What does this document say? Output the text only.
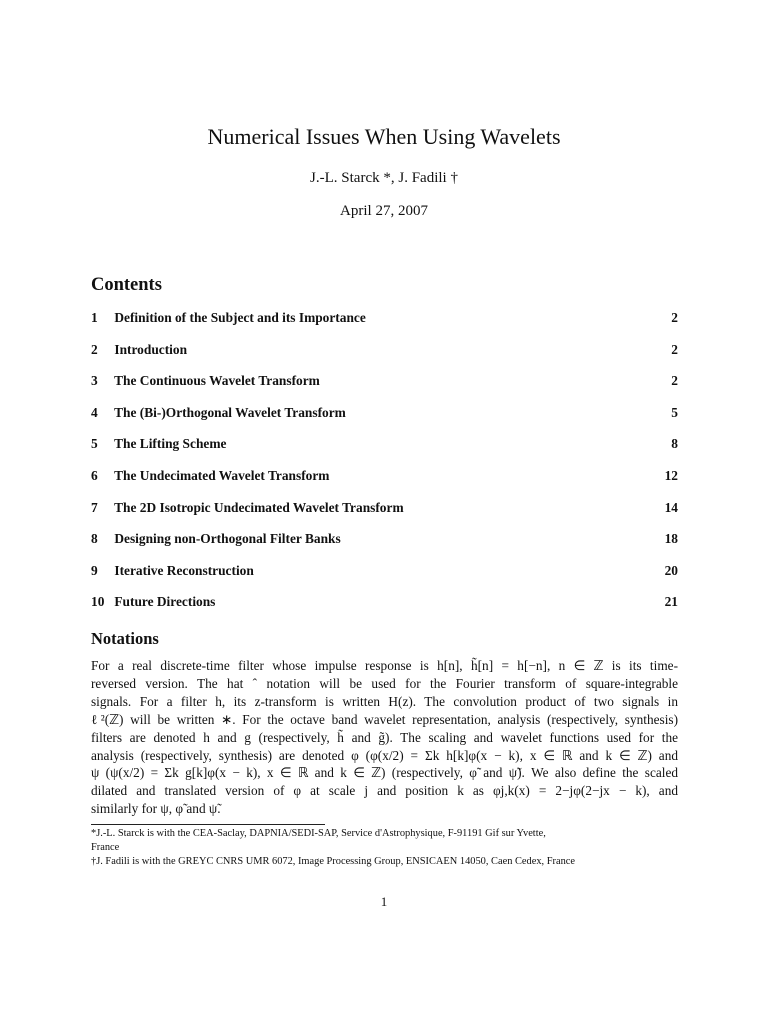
Numerical Issues When Using Wavelets
J.-L. Starck *, J. Fadili †
April 27, 2007
Contents
1 Definition of the Subject and its Importance	2
2 Introduction	2
3 The Continuous Wavelet Transform	2
4 The (Bi-)Orthogonal Wavelet Transform	5
5 The Lifting Scheme	8
6 The Undecimated Wavelet Transform	12
7 The 2D Isotropic Undecimated Wavelet Transform	14
8 Designing non-Orthogonal Filter Banks	18
9 Iterative Reconstruction	20
10 Future Directions	21
Notations

For a real discrete-time filter whose impulse response is h[n], h̃[n] = h[−n], n ∈ ℤ is its time-

reversed version. The hat ˆ notation will be used for the Fourier transform of square-integrable

signals. For a filter h, its z-transform is written H(z). The convolution product of two signals in

ℓ²(ℤ) will be written ∗. For the octave band wavelet representation, analysis (respectively, synthesis)

filters are denoted h and g (respectively, h̃ and g̃). The scaling and wavelet functions used for the

analysis (respectively, synthesis) are denoted φ (φ(x/2) = Σk h[k]φ(x − k), x ∈ ℝ and k ∈ ℤ) and

ψ (ψ(x/2) = Σk g[k]φ(x − k), x ∈ ℝ and k ∈ ℤ) (respectively, φ̃ and ψ̃). We also define the scaled

dilated and translated version of φ at scale j and position k as φj,k(x) = 2−jφ(2−jx − k), and

similarly for ψ, φ̃ and ψ̃.

*J.-L. Starck is with the CEA-Saclay, DAPNIA/SEDI-SAP, Service d'Astrophysique, F-91191 Gif sur Yvette,

France

†J. Fadili is with the GREYC CNRS UMR 6072, Image Processing Group, ENSICAEN 14050, Caen Cedex, France

1
